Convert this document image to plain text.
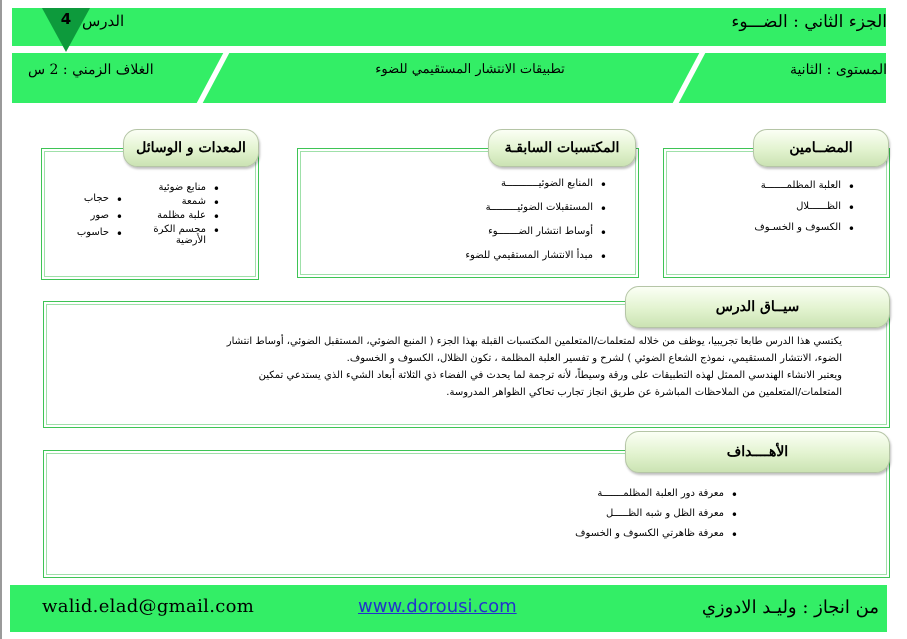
الجزء الثاني : الضـــوء
الدرس
4
المستوى : الثانية
تطبيقات الانتشار المستقيمي للضوء
الغلاف الزمني : 2 س
المضــامين
• العلبة المظلمـــــــة
• الظــــــلال
• الكسوف و الخسـوف
المكتسبات السابقـة
• المنابع الضوئيـــــــــــة
• المستقبلات الضوئيـــــــــة
• أوساط انتشار الضـــــــوء
• مبدأ الانتشار المستقيمي للضوء
المعدات و الوسائل
• منابع ضوئية
• شمعة
• علبة مظلمة
• مجسم الكرة الأرضية
• حجاب
• صور
• حاسوب
سيــاق الدرس
يكتسي هذا الدرس طابعا تجريبيا، يوظف من خلاله لمتعلمات/المتعلمين المكتسبات القبلة بهذا الجزء ( المنبع الضوئي، المستقبل الضوئي، أوساط انتشار
الضوء، الانتشار المستقيمي، نموذج الشعاع الضوئي ) لشرح و تفسير العلبة المظلمة ، تكون الظلال، الكسوف و الخسوف.
ويعتبر الانشاء الهندسي الممثل لهذه التطبيقات على ورقة وسيطاً، لأنه ترجمة لما يحدث في الفضاء ذي الثلاثة أبعاد الشيء الذي يستدعي تمكين
المتعلمات/المتعلمين من الملاحظات المباشرة عن طريق انجاز تجارب تحاكي الظواهر المدروسة.
الأهــــداف
• معرفة دور العلبة المظلمـــــــة
• معرفة الظل و شبه الظـــــل
• معرفة ظاهرتي الكسوف و الخسوف
walid.elad@gmail.com	www.dorousi.com	من انجاز : وليـد الادوزي
